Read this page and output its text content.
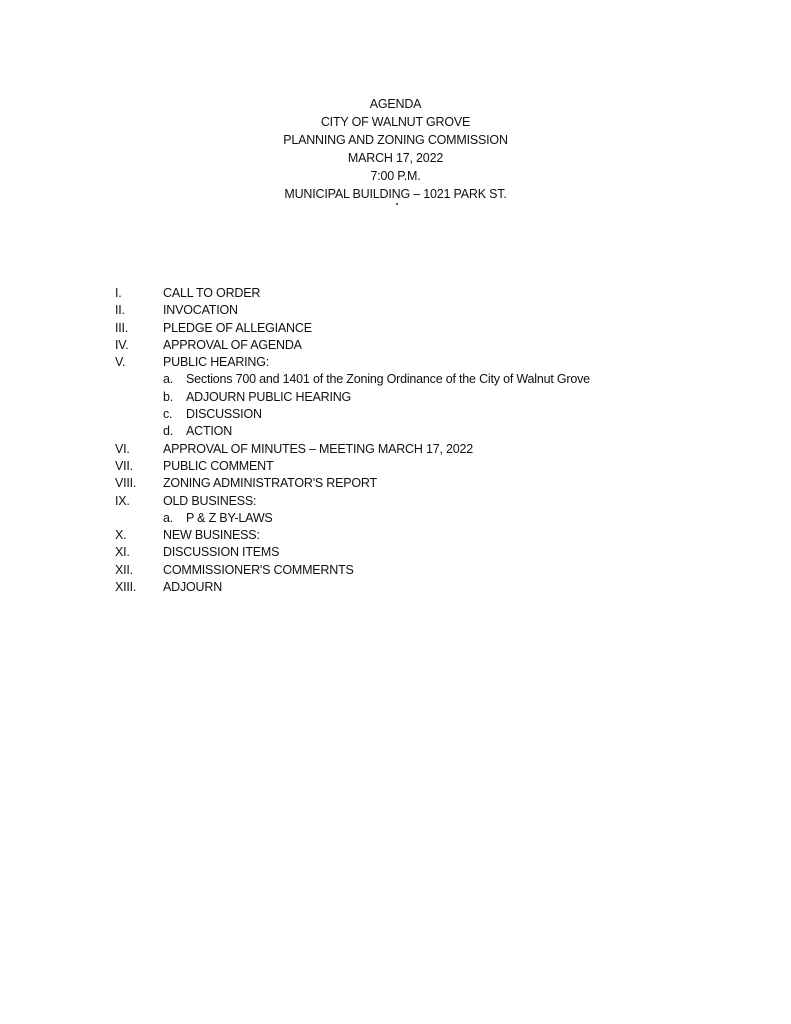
AGENDA
CITY OF WALNUT GROVE
PLANNING AND ZONING COMMISSION
MARCH 17, 2022
7:00 P.M.
MUNICIPAL BUILDING – 1021 PARK ST.
I.	CALL TO ORDER
II.	INVOCATION
III.	PLEDGE OF ALLEGIANCE
IV.	APPROVAL OF AGENDA
V.	PUBLIC HEARING:
a. Sections 700 and 1401 of the Zoning Ordinance of the City of Walnut Grove
b. ADJOURN PUBLIC HEARING
c. DISCUSSION
d. ACTION
VI.	APPROVAL OF MINUTES – MEETING MARCH 17, 2022
VII. PUBLIC COMMENT
VIII. ZONING ADMINISTRATOR'S REPORT
IX.	OLD BUSINESS:
a. P & Z BY-LAWS
X.	NEW BUSINESS:
XI.	DISCUSSION ITEMS
XII. COMMISSIONER'S COMMERNTS
XIII. ADJOURN
